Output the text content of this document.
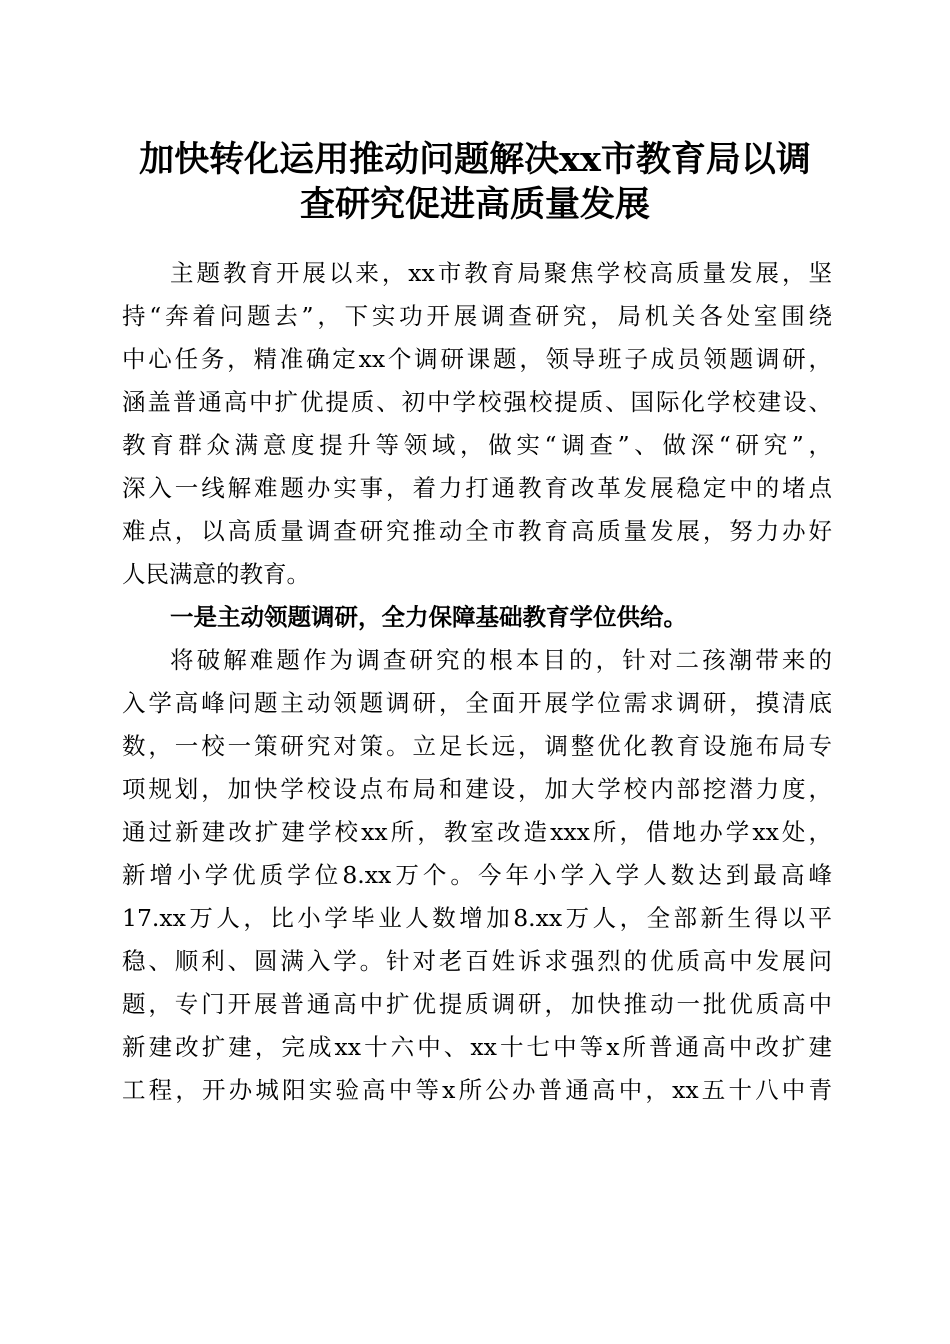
加快转化运用推动问题解决xx市教育局以调
查研究促进高质量发展
主题教育开展以来，xx市教育局聚焦学校高质量发展，坚
持“奔着问题去”，下实功开展调查研究，局机关各处室围绕
中心任务，精准确定xx个调研课题，领导班子成员领题调研，
涵盖普通高中扩优提质、初中学校强校提质、国际化学校建设、
教育群众满意度提升等领域，做实“调查”、做深“研究”，
深入一线解难题办实事，着力打通教育改革发展稳定中的堵点
难点，以高质量调查研究推动全市教育高质量发展，努力办好
人民满意的教育。
一是主动领题调研，全力保障基础教育学位供给。
将破解难题作为调查研究的根本目的，针对二孩潮带来的
入学高峰问题主动领题调研，全面开展学位需求调研，摸清底
数，一校一策研究对策。立足长远，调整优化教育设施布局专
项规划，加快学校设点布局和建设，加大学校内部挖潜力度，
通过新建改扩建学校xx所，教室改造xxx所，借地办学xx处，
新增小学优质学位8.xx万个。今年小学入学人数达到最高峰
17.xx万人，比小学毕业人数增加8.xx万人，全部新生得以平
稳、顺利、圆满入学。针对老百姓诉求强烈的优质高中发展问
题，专门开展普通高中扩优提质调研，加快推动一批优质高中
新建改扩建，完成xx十六中、xx十七中等x所普通高中改扩建
工程，开办城阳实验高中等x所公办普通高中，xx五十八中青
